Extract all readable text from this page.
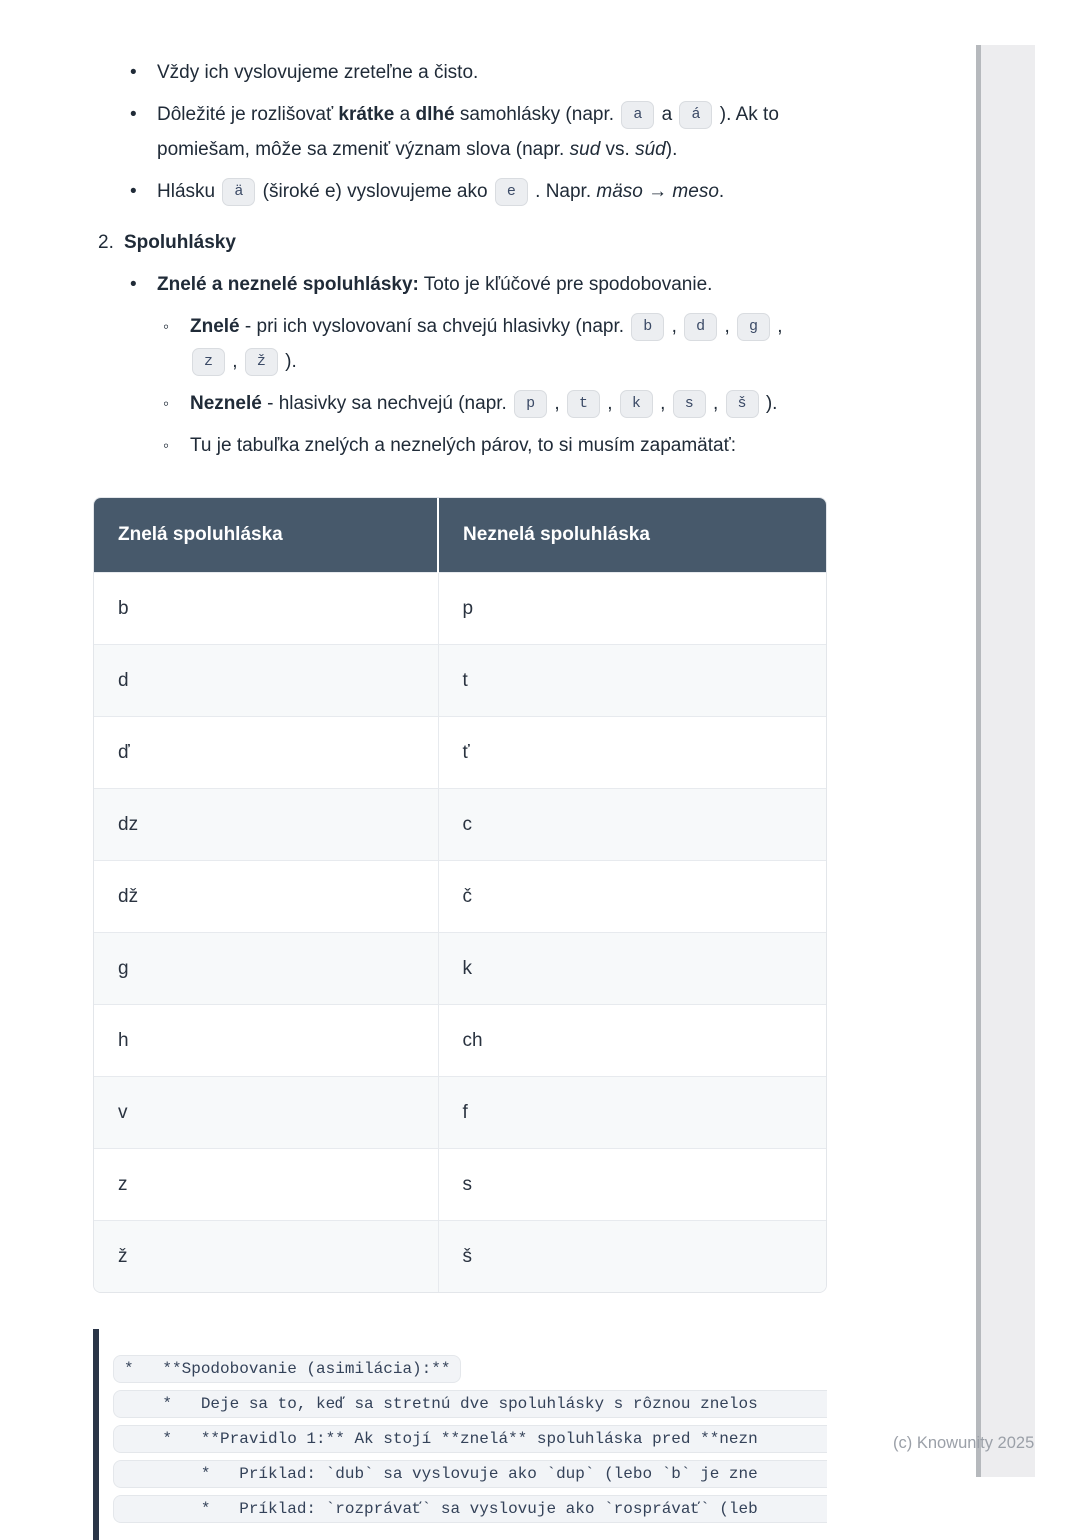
•	Vždy ich vyslovujeme zreteľne a čisto.
•	Dôležité je rozlišovať krátke a dlhé samohlásky (napr. a a á ). Ak to
pomiešam, môže sa zmeniť význam slova (napr. sud vs. súd).
•	Hlásku ä (široké e) vyslovujeme ako e . Napr. mäso → meso.
2. Spoluhlásky
•	Znelé a neznelé spoluhlásky: Toto je kľúčové pre spodobovanie.
◦	Znelé - pri ich vyslovovaní sa chvejú hlasivky (napr. b , d , g ,
z , ž ).
◦	Neznelé - hlasivky sa nechvejú (napr. p , t , k , s , š ).
◦	Tu je tabuľka znelých a neznelých párov, to si musím zapamätať:
Znelá spoluhláska	Neznelá spoluhláska
b	p
d	t
ď	ť
dz	c
dž	č
g	k
h	ch
v	f
z	s
ž	š
*   **Spodobovanie (asimilácia):**
*   Deje sa to, keď sa stretnú dve spoluhlásky s rôznou znelos
*   **Pravidlo 1:** Ak stojí **znelá** spoluhláska pred **nezn
*   Príklad: `dub` sa vyslovuje ako `dup` (lebo `b` je zne
*   Príklad: `rozprávať` sa vyslovuje ako `rosprávať` (leb
(c) Knowunity 2025
